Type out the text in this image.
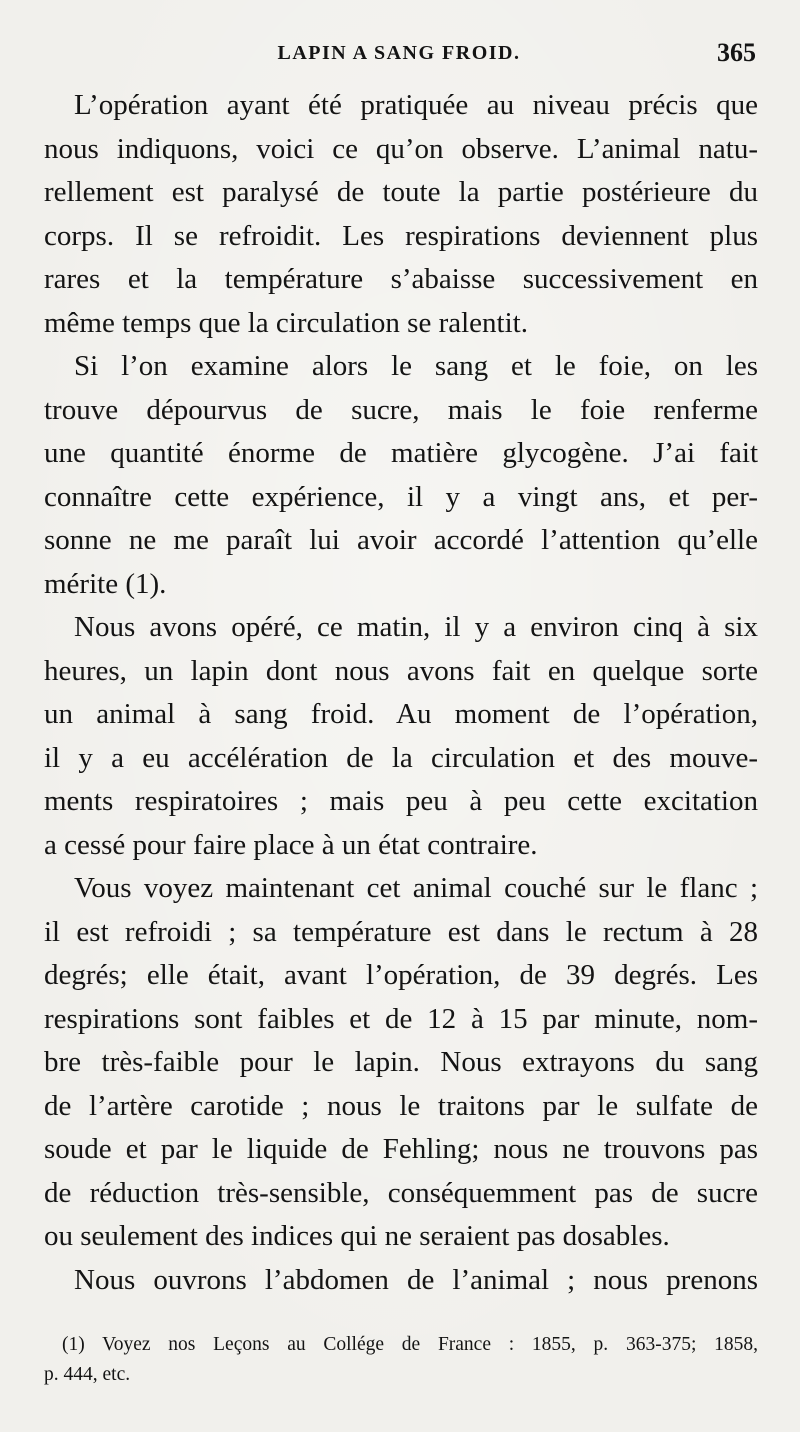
LAPIN A SANG FROID.	365
L’opération ayant été pratiquée au niveau précis que
nous indiquons, voici ce qu’on observe. L’animal natu-
rellement est paralysé de toute la partie postérieure du
corps. Il se refroidit. Les respirations deviennent plus
rares et la température s’abaisse successivement en
même temps que la circulation se ralentit.
Si l’on examine alors le sang et le foie, on les
trouve dépourvus de sucre, mais le foie renferme
une quantité énorme de matière glycogène. J’ai fait
connaître cette expérience, il y a vingt ans, et per-
sonne ne me paraît lui avoir accordé l’attention qu’elle
mérite (1).
Nous avons opéré, ce matin, il y a environ cinq à six
heures, un lapin dont nous avons fait en quelque sorte
un animal à sang froid. Au moment de l’opération,
il y a eu accélération de la circulation et des mouve-
ments respiratoires ; mais peu à peu cette excitation
a cessé pour faire place à un état contraire.
Vous voyez maintenant cet animal couché sur le flanc ;
il est refroidi ; sa température est dans le rectum à 28
degrés; elle était, avant l’opération, de 39 degrés. Les
respirations sont faibles et de 12 à 15 par minute, nom-
bre très-faible pour le lapin. Nous extrayons du sang
de l’artère carotide ; nous le traitons par le sulfate de
soude et par le liquide de Fehling; nous ne trouvons pas
de réduction très-sensible, conséquemment pas de sucre
ou seulement des indices qui ne seraient pas dosables.
Nous ouvrons l’abdomen de l’animal ; nous prenons
(1) Voyez nos Leçons au Collége de France : 1855, p. 363-375; 1858,
p. 444, etc.
